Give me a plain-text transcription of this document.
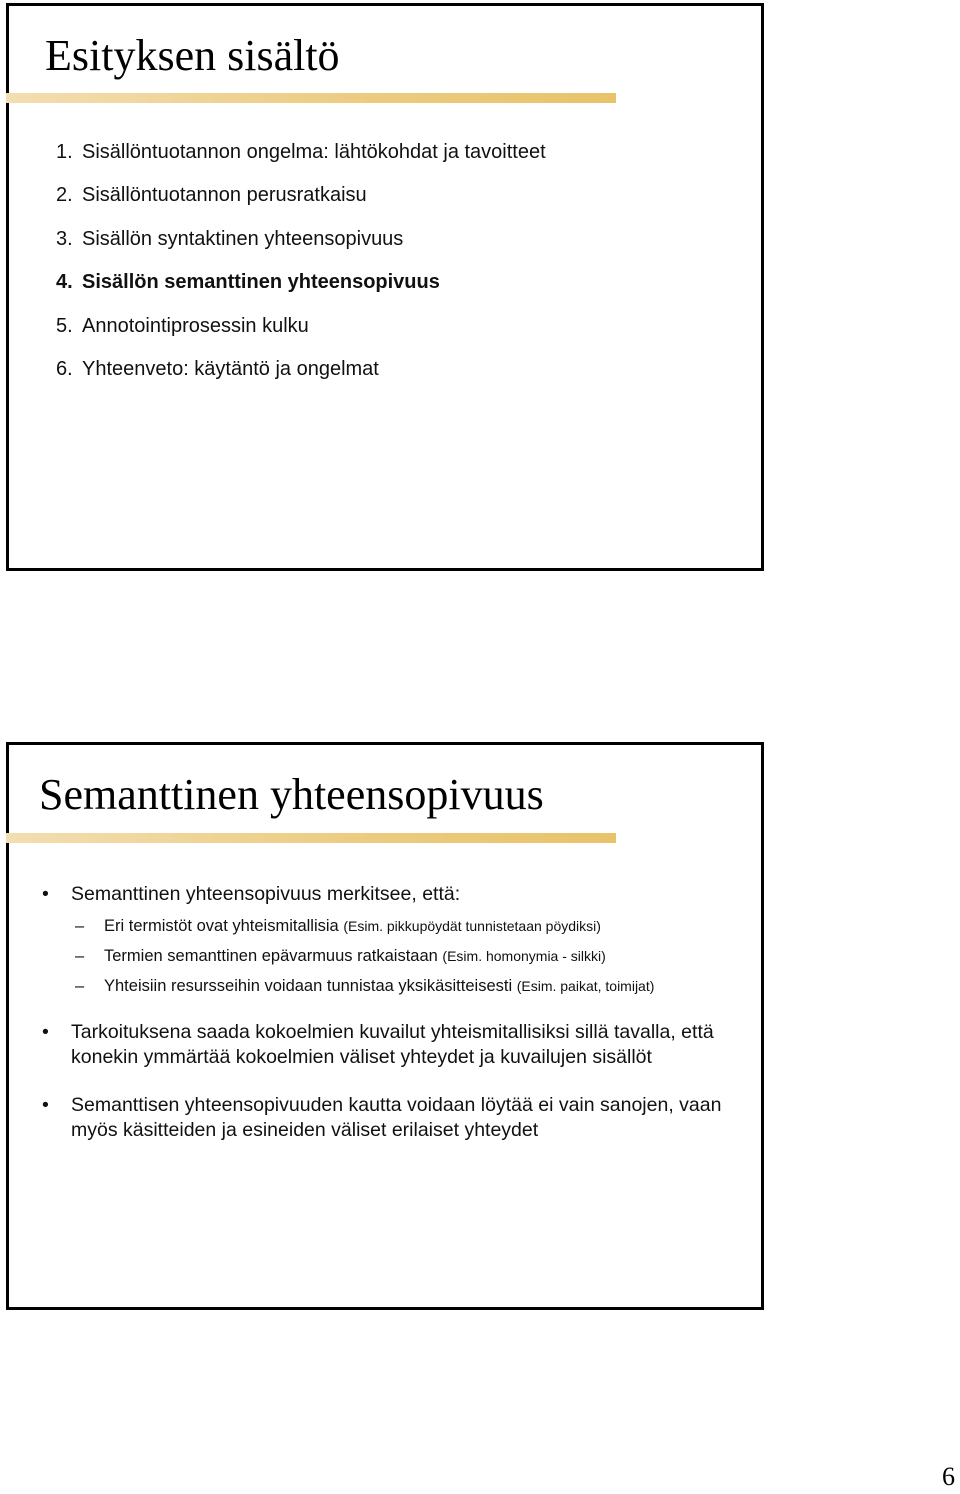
Esityksen sisältö
1. Sisällöntuotannon ongelma: lähtökohdat ja tavoitteet
2. Sisällöntuotannon perusratkaisu
3. Sisällön syntaktinen yhteensopivuus
4. Sisällön semanttinen yhteensopivuus
5. Annotointiprosessin kulku
6. Yhteenveto: käytäntö ja ongelmat
Semanttinen yhteensopivuus
• Semanttinen yhteensopivuus merkitsee, että:
– Eri termistöt ovat yhteismitallisia (Esim. pikkupöydät tunnistetaan pöydiksi)
– Termien semanttinen epävarmuus ratkaistaan (Esim. homonymia - silkki)
– Yhteisiin resursseihin voidaan tunnistaa yksikäsitteisesti (Esim. paikat, toimijat)
• Tarkoituksena saada kokoelmien kuvailut yhteismitallisiksi sillä tavalla, että konekin ymmärtää kokoelmien väliset yhteydet ja kuvailujen sisällöt
• Semanttisen yhteensopivuuden kautta voidaan löytää ei vain sanojen, vaan myös käsitteiden ja esineiden väliset erilaiset yhteydet
6
